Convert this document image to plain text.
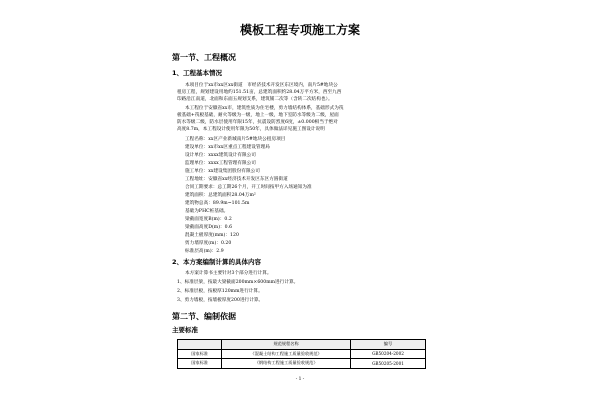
模板工程专项施工方案
第一节、工程概况
1、工程基本情况
本项目位于xx市xx区xx街道　市经济技术开发区东区境内，南片5#地块公
租房工程，规划建设用地约151.51亩，总建筑面积约28.04万平方米，西至九西
印路沿江南道，北面和东面五规划支系，建筑铺二次等（含转二次结构也）。
本工程位于安徽省xx市，建筑性质为住宅楼，剪力墙结构体系，基础形式为筏
板基础+筏板基础，耐火等级为一级，地上一级，地下室防水等级为二级，屋面
防水等级二级，防水层使用年限15年，抗震设防烈度6度，±0.000相当于绝对
高度8.7m，本工程设计使用年限为50年，具体做法详见施工图设计说明
工程名称：xx区产业新城南片5#地块公租房项目
建设单位：xx市xx区重点工程建设管理局
设计单位：xxxx建筑设计有限公司
监理单位：xxxx工程管理有限公司
施工单位：xx建设集团股份有限公司
工程地址：安徽省xx经济技术开发区东区方圆街道
合同工期要求：总工期26个月，开工时间按甲方入场通知为准
建筑面积：总建筑面积28.04万m²
建筑物总高：89.9m~101.5m
基础为PHC桩基础。
梁截面宽度B(m)：0.2
梁截面高度D(m)：0.6
混凝土板厚度(mm)：120
剪力墙厚度(m)：0.20
标准层高(m)：2.9
2、本方案编制计算的具体内容
本方案计算书主要针对3个部分进行计算。
1、标准层梁，按最大梁截面200mm×600mm进行计算。
2、标准层板，按板厚120mm进行计算。
3、剪力墙板，按墙板厚度200进行计算。
第二节、编制依据
主要标准
	规范规程名称	编号
国家标准	《混凝土结构工程施工质量验收规范》	GB50204-2002
国家标准	《钢结构工程施工质量验收规范》	GB50205-2001
- 1 -
